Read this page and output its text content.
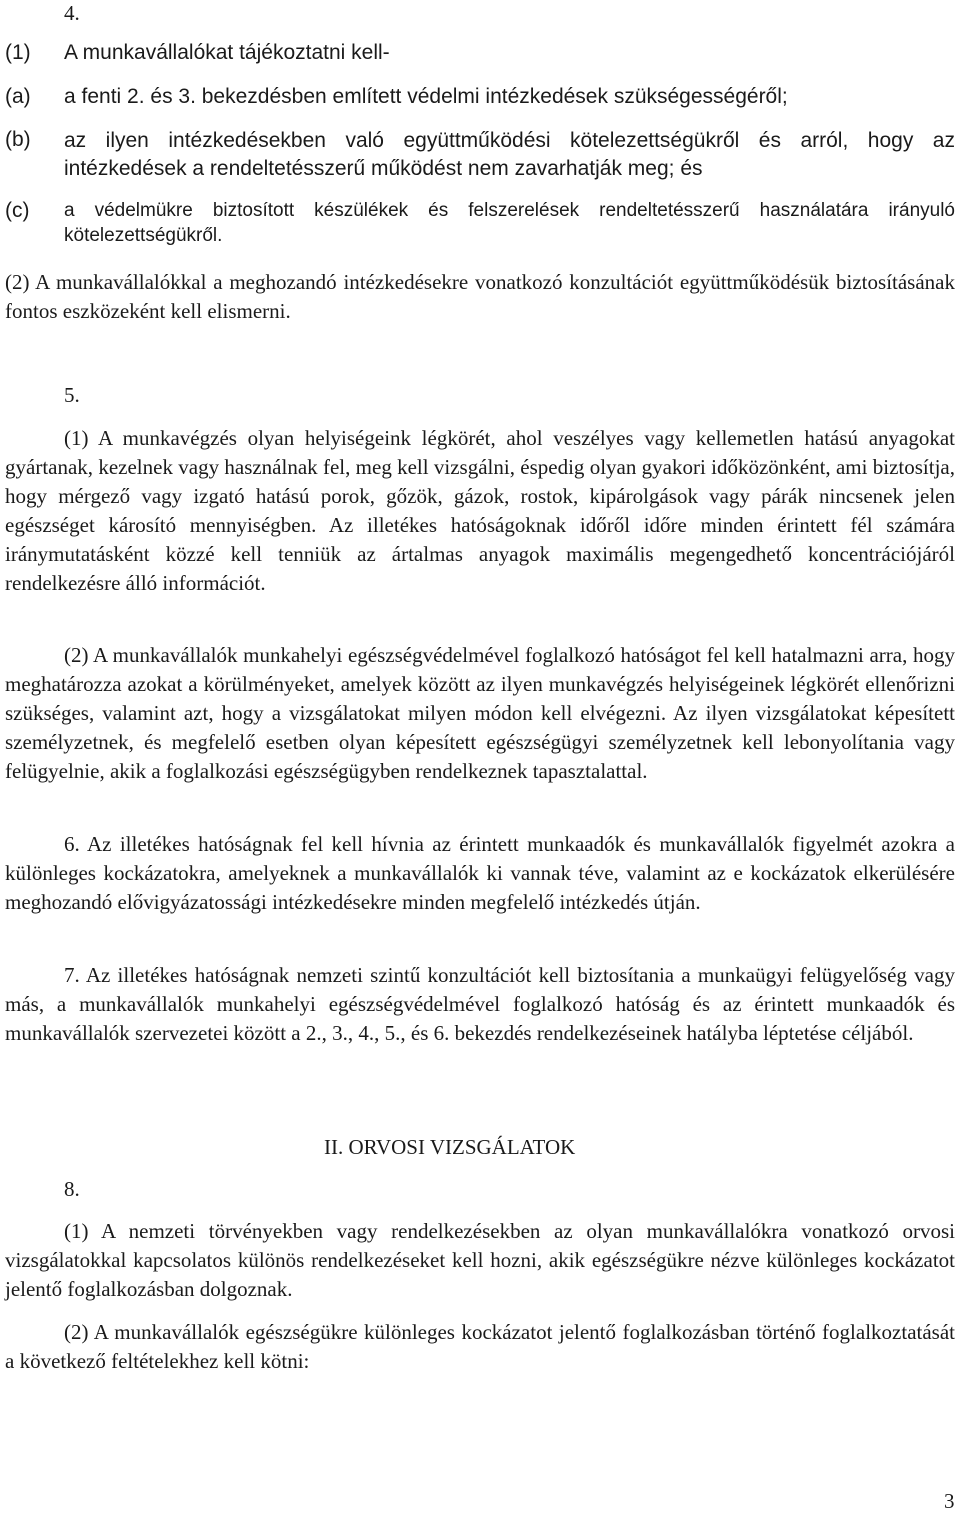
4.
(1) A munkavállalókat tájékoztatni kell-
(a) a fenti 2. és 3. bekezdésben említett védelmi intézkedések szükségességéről;
(b) az ilyen intézkedésekben való együttműködési kötelezettségükről és arról, hogy az intézkedések a rendeltetésszerű működést nem zavarhatják meg; és
(c) a védelmükre biztosított készülékek és felszerelések rendeltetésszerű használatára irányuló kötelezettségükről.
(2) A munkavállalókkal a meghozandó intézkedésekre vonatkozó konzultációt együttműködésük biztosításának fontos eszközeként kell elismerni.
5.
(1) A munkavégzés olyan helyiségeink légkörét, ahol veszélyes vagy kellemetlen hatású anyagokat gyártanak, kezelnek vagy használnak fel, meg kell vizsgálni, éspedig olyan gyakori időközönként, ami biztosítja, hogy mérgező vagy izgató hatású porok, gőzök, gázok, rostok, kipárolgások vagy párák nincsenek jelen egészséget károsító mennyiségben. Az illetékes hatóságoknak időről időre minden érintett fél számára iránymutatásként közzé kell tenniük az ártalmas anyagok maximális megengedhető koncentrációjáról rendelkezésre álló információt.
(2) A munkavállalók munkahelyi egészségvédelmével foglalkozó hatóságot fel kell hatalmazni arra, hogy meghatározza azokat a körülményeket, amelyek között az ilyen munkavégzés helyiségeinek légkörét ellenőrizni szükséges, valamint azt, hogy a vizsgálatokat milyen módon kell elvégezni. Az ilyen vizsgálatokat képesített személyzetnek, és megfelelő esetben olyan képesített egészségügyi személyzetnek kell lebonyolítania vagy felügyelnie, akik a foglalkozási egészségügyben rendelkeznek tapasztalattal.
6. Az illetékes hatóságnak fel kell hívnia az érintett munkaadók és munkavállalók figyelmét azokra a különleges kockázatokra, amelyeknek a munkavállalók ki vannak téve, valamint az e kockázatok elkerülésére meghozandó elővigyázatossági intézkedésekre minden megfelelő intézkedés útján.
7. Az illetékes hatóságnak nemzeti szintű konzultációt kell biztosítania a munkaügyi felügyelőség vagy más, a munkavállalók munkahelyi egészségvédelmével foglalkozó hatóság és az érintett munkaadók és munkavállalók szervezetei között a 2., 3., 4., 5., és 6. bekezdés rendelkezéseinek hatályba léptetése céljából.
II. ORVOSI VIZSGÁLATOK
8.
(1) A nemzeti törvényekben vagy rendelkezésekben az olyan munkavállalókra vonatkozó orvosi vizsgálatokkal kapcsolatos különös rendelkezéseket kell hozni, akik egészségükre nézve különleges kockázatot jelentő foglalkozásban dolgoznak.
(2) A munkavállalók egészségükre különleges kockázatot jelentő foglalkozásban történő foglalkoztatását a következő feltételekhez kell kötni:
3
